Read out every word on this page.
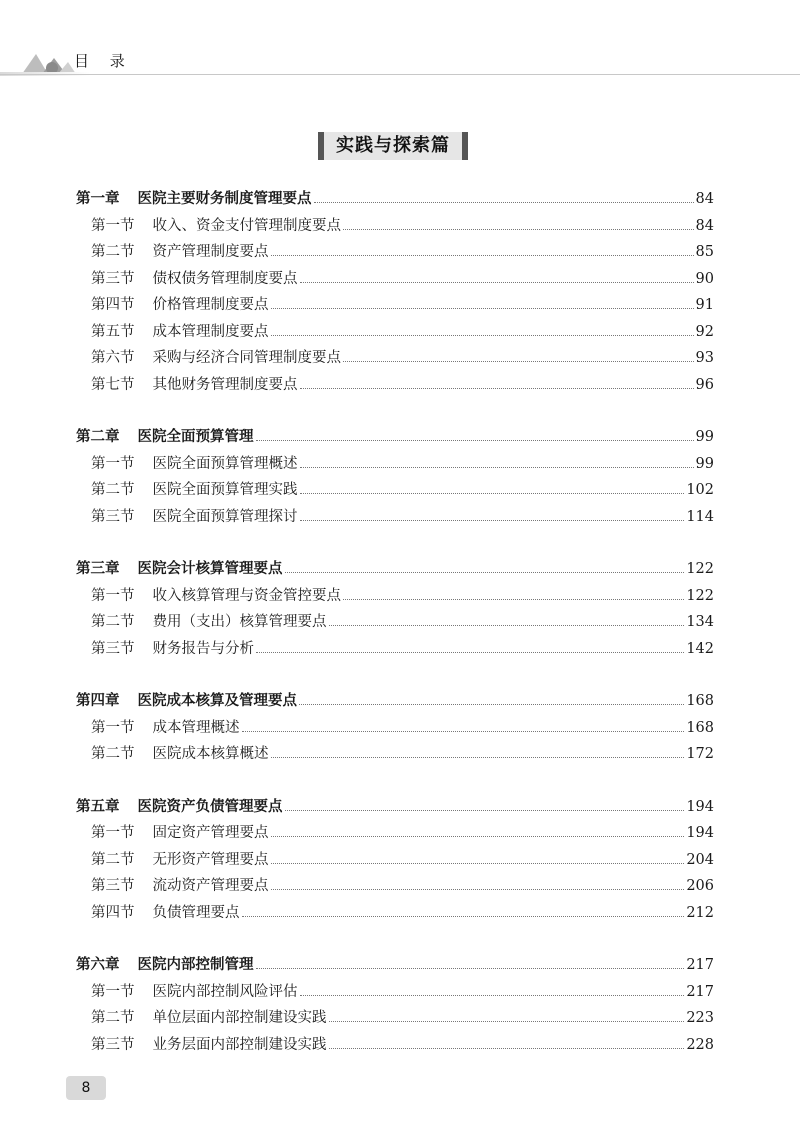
目 录
实践与探索篇
第一章 医院主要财务制度管理要点	84
第一节 收入、资金支付管理制度要点	84
第二节 资产管理制度要点	85
第三节 债权债务管理制度要点	90
第四节 价格管理制度要点	91
第五节 成本管理制度要点	92
第六节 采购与经济合同管理制度要点	93
第七节 其他财务管理制度要点	96
第二章 医院全面预算管理	99
第一节 医院全面预算管理概述	99
第二节 医院全面预算管理实践	102
第三节 医院全面预算管理探讨	114
第三章 医院会计核算管理要点	122
第一节 收入核算管理与资金管控要点	122
第二节 费用（支出）核算管理要点	134
第三节 财务报告与分析	142
第四章 医院成本核算及管理要点	168
第一节 成本管理概述	168
第二节 医院成本核算概述	172
第五章 医院资产负债管理要点	194
第一节 固定资产管理要点	194
第二节 无形资产管理要点	204
第三节 流动资产管理要点	206
第四节 负债管理要点	212
第六章 医院内部控制管理	217
第一节 医院内部控制风险评估	217
第二节 单位层面内部控制建设实践	223
第三节 业务层面内部控制建设实践	228
8
